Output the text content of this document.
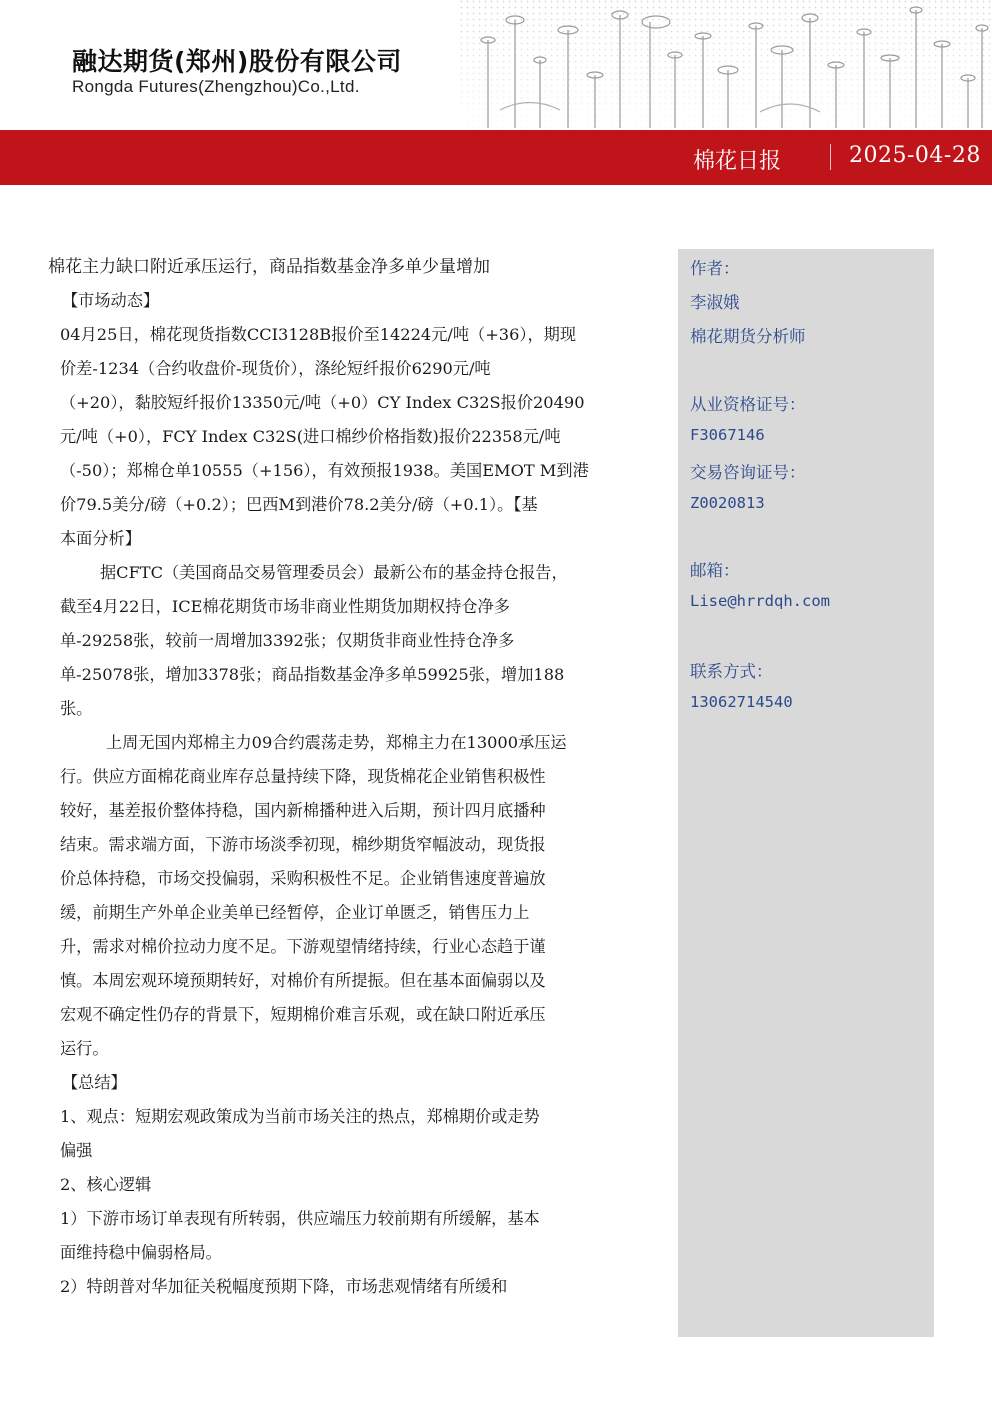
融达期货(郑州)股份有限公司
Rongda Futures(Zhengzhou)Co.,Ltd.
棉花日报	2025-04-28

棉花主力缺口附近承压运行，商品指数基金净多单少量增加

【市场动态】

04月25日，棉花现货指数CCI3128B报价至14224元/吨（+36），期现

价差-1234（合约收盘价-现货价），涤纶短纤报价6290元/吨

（+20），黏胶短纤报价13350元/吨（+0）CY Index C32S报价20490

元/吨（+0），FCY Index C32S(进口棉纱价格指数)报价22358元/吨

（-50）；郑棉仓单10555（+156），有效预报1938。美国EMOT M到港

价79.5美分/磅（+0.2）；巴西M到港价78.2美分/磅（+0.1）。【基

本面分析】

据CFTC（美国商品交易管理委员会）最新公布的基金持仓报告，

截至4月22日，ICE棉花期货市场非商业性期货加期权持仓净多

单-29258张，较前一周增加3392张；仅期货非商业性持仓净多

单-25078张，增加3378张；商品指数基金净多单59925张，增加188

张。

上周无国内郑棉主力09合约震荡走势，郑棉主力在13000承压运

行。供应方面棉花商业库存总量持续下降，现货棉花企业销售积极性

较好，基差报价整体持稳，国内新棉播种进入后期，预计四月底播种

结束。需求端方面，下游市场淡季初现，棉纱期货窄幅波动，现货报

价总体持稳，市场交投偏弱，采购积极性不足。企业销售速度普遍放

缓，前期生产外单企业美单已经暂停，企业订单匮乏，销售压力上

升，需求对棉价拉动力度不足。下游观望情绪持续，行业心态趋于谨

慎。本周宏观环境预期转好，对棉价有所提振。但在基本面偏弱以及

宏观不确定性仍存的背景下，短期棉价难言乐观，或在缺口附近承压

运行。

【总结】

1、观点：短期宏观政策成为当前市场关注的热点，郑棉期价或走势

偏强

2、核心逻辑

1）下游市场订单表现有所转弱，供应端压力较前期有所缓解，基本

面维持稳中偏弱格局。

2）特朗普对华加征关税幅度预期下降，市场悲观情绪有所缓和

作者：
李淑娥
棉花期货分析师
从业资格证号：
F3067146
交易咨询证号：
Z0020813
邮箱：
Lise@hrrdqh.com
联系方式：
13062714540
